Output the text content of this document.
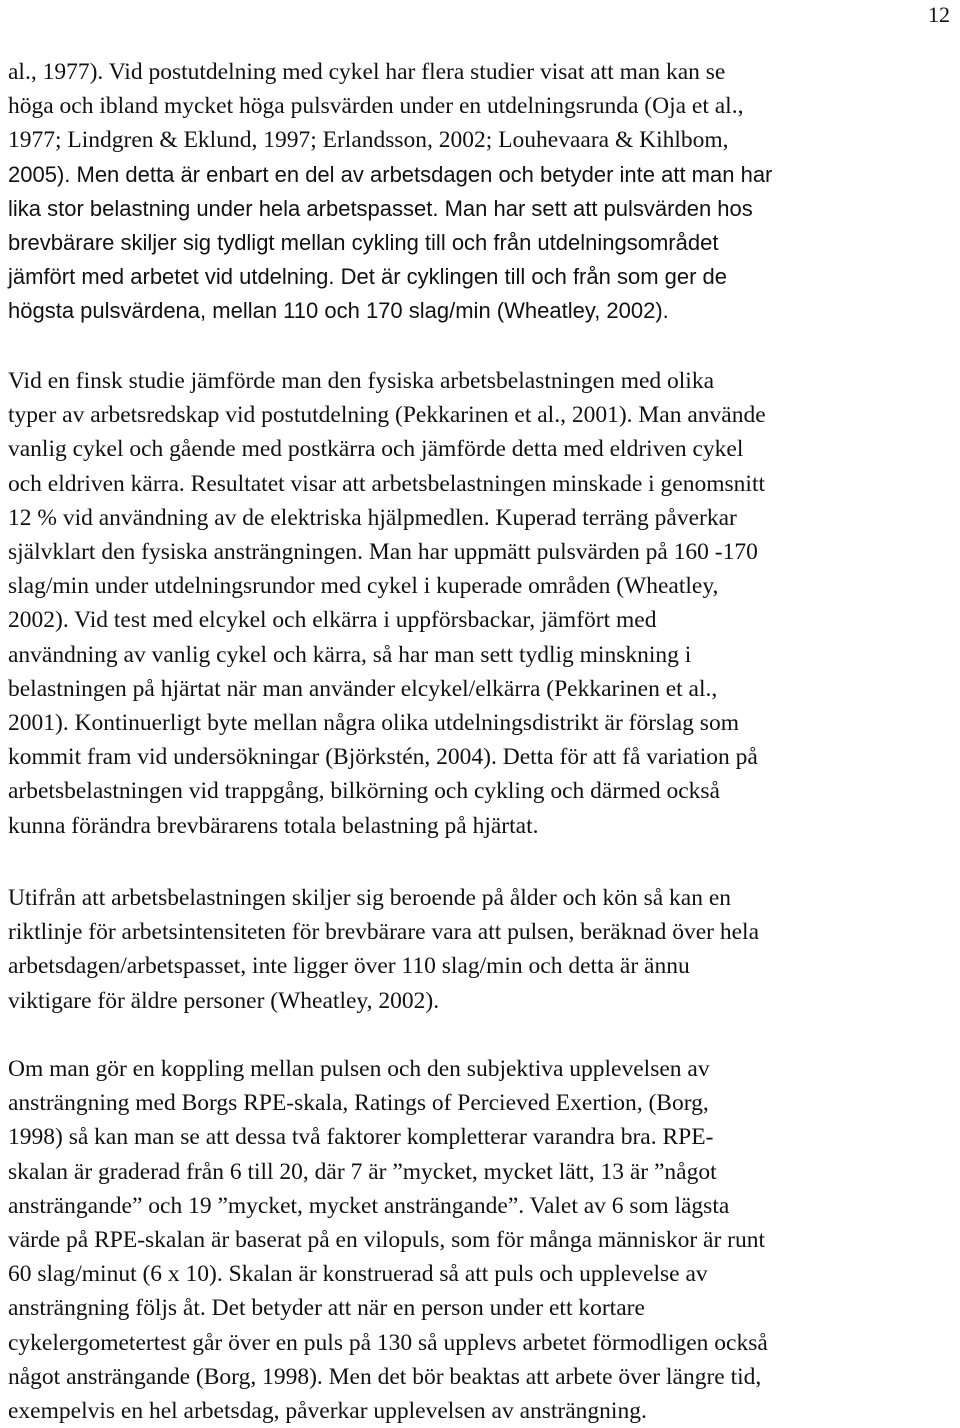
12

al., 1977). Vid postutdelning med cykel har flera studier visat att man kan se
höga och ibland mycket höga pulsvärden under en utdelningsrunda (Oja et al.,
1977; Lindgren & Eklund, 1997; Erlandsson, 2002; Louhevaara & Kihlbom,
2005). Men detta är enbart en del av arbetsdagen och betyder inte att man har
lika stor belastning under hela arbetspasset. Man har sett att pulsvärden hos
brevbärare skiljer sig tydligt mellan cykling till och från utdelningsområdet
jämfört med arbetet vid utdelning. Det är cyklingen till och från som ger de
högsta pulsvärdena, mellan 110 och 170 slag/min (Wheatley, 2002).

Vid en finsk studie jämförde man den fysiska arbetsbelastningen med olika
typer av arbetsredskap vid postutdelning (Pekkarinen et al., 2001). Man använde
vanlig cykel och gående med postkärra och jämförde detta med eldriven cykel
och eldriven kärra. Resultatet visar att arbetsbelastningen minskade i genomsnitt
12 % vid användning av de elektriska hjälpmedlen. Kuperad terräng påverkar
självklart den fysiska ansträngningen. Man har uppmätt pulsvärden på 160 -170
slag/min under utdelningsrundor med cykel i kuperade områden (Wheatley,
2002). Vid test med elcykel och elkärra i uppförsbackar, jämfört med
användning av vanlig cykel och kärra, så har man sett tydlig minskning i
belastningen på hjärtat när man använder elcykel/elkärra (Pekkarinen et al.,
2001). Kontinuerligt byte mellan några olika utdelningsdistrikt är förslag som
kommit fram vid undersökningar (Björkstén, 2004). Detta för att få variation på
arbetsbelastningen vid trappgång, bilkörning och cykling och därmed också
kunna förändra brevbärarens totala belastning på hjärtat.

Utifrån att arbetsbelastningen skiljer sig beroende på ålder och kön så kan en
riktlinje för arbetsintensiteten för brevbärare vara att pulsen, beräknad över hela
arbetsdagen/arbetspasset, inte ligger över 110 slag/min och detta är ännu
viktigare för äldre personer (Wheatley, 2002).

Om man gör en koppling mellan pulsen och den subjektiva upplevelsen av
ansträngning med Borgs RPE-skala, Ratings of Percieved Exertion, (Borg,
1998) så kan man se att dessa två faktorer kompletterar varandra bra. RPE-
skalan är graderad från 6 till 20, där 7 är ”mycket, mycket lätt, 13 är ”något
ansträngande” och 19 ”mycket, mycket ansträngande”. Valet av 6 som lägsta
värde på RPE-skalan är baserat på en vilopuls, som för många människor är runt
60 slag/minut (6 x 10). Skalan är konstruerad så att puls och upplevelse av
ansträngning följs åt. Det betyder att när en person under ett kortare
cykelergometertest går över en puls på 130 så upplevs arbetet förmodligen också
något ansträngande (Borg, 1998). Men det bör beaktas att arbete över längre tid,
exempelvis en hel arbetsdag, påverkar upplevelsen av ansträngning.
